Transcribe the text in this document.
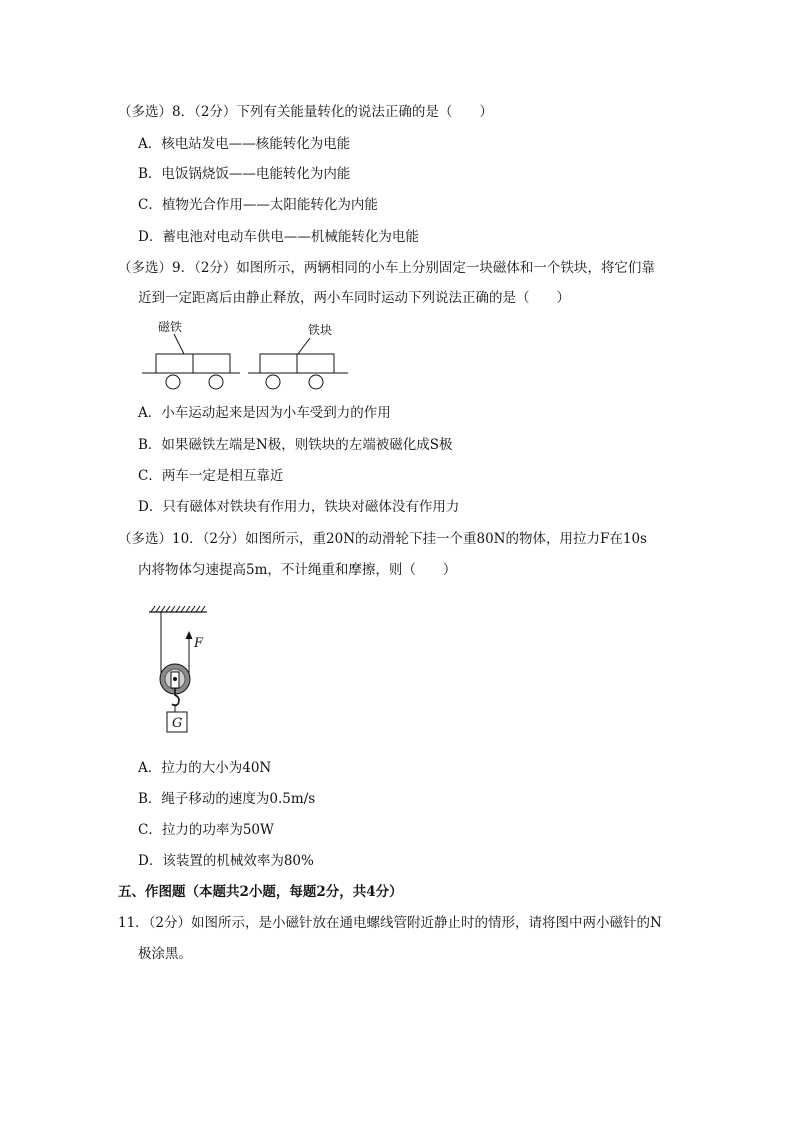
（多选）8．（2分）下列有关能量转化的说法正确的是（　　）
A．核电站发电——核能转化为电能
B．电饭锅烧饭——电能转化为内能
C．植物光合作用——太阳能转化为内能
D．蓄电池对电动车供电——机械能转化为电能
（多选）9．（2分）如图所示，两辆相同的小车上分别固定一块磁体和一个铁块，将它们靠
近到一定距离后由静止释放，两小车同时运动下列说法正确的是（　　）
磁铁	铁块
A．小车运动起来是因为小车受到力的作用
B．如果磁铁左端是N极，则铁块的左端被磁化成S极
C．两车一定是相互靠近
D．只有磁体对铁块有作用力，铁块对磁体没有作用力
（多选）10．（2分）如图所示，重20N的动滑轮下挂一个重80N的物体，用拉力F在10s
内将物体匀速提高5m，不计绳重和摩擦，则（　　）
F
G
A．拉力的大小为40N
B．绳子移动的速度为0.5m/s
C．拉力的功率为50W
D．该装置的机械效率为80%
五、作图题（本题共2小题，每题2分，共4分）
11．（2分）如图所示，是小磁针放在通电螺线管附近静止时的情形，请将图中两小磁针的N
极涂黑。
